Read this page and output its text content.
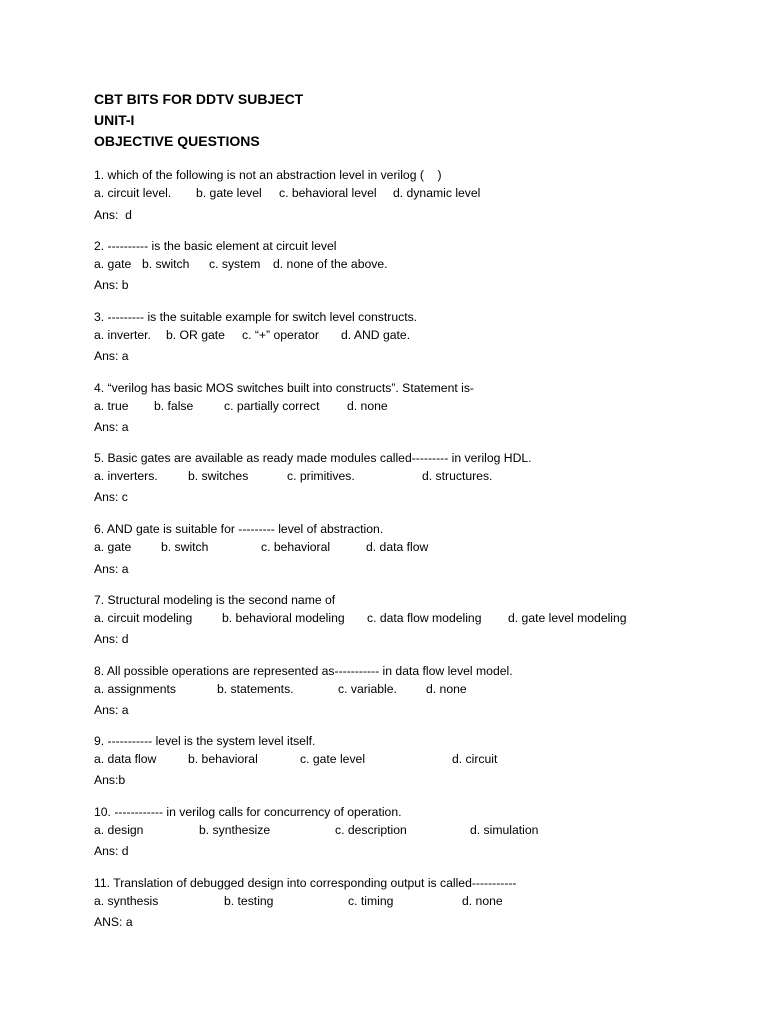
CBT BITS FOR DDTV SUBJECT
UNIT-I
OBJECTIVE QUESTIONS
1. which of the following is not an abstraction level in verilog (    )
a. circuit level. b. gate level c. behavioral level d. dynamic level
Ans:  d
2. ---------- is the basic element at circuit level
a. gate b. switch c. system d. none of the above.
Ans: b
3. --------- is the suitable example for switch level constructs.
a. inverter. b. OR gate c. “+” operator d. AND gate.
Ans: a
4. “verilog has basic MOS switches built into constructs”. Statement is-
a. true b. false	c. partially correct d. none
Ans: a
5. Basic gates are available as ready made modules called--------- in verilog HDL.
a. inverters. b. switches	c. primitives.	d. structures.
Ans: c
6. AND gate is suitable for --------- level of abstraction.
a. gate b. switch	c. behavioral	d. data flow
Ans: a
7. Structural modeling is the second name of
a. circuit modeling b. behavioral modeling c. data flow modeling d. gate level modeling
Ans: d
8. All possible operations are represented as----------- in data flow level model.
a. assignments	b. statements.	c. variable. d. none
Ans: a
9. ----------- level is the system level itself.
a. data flow	b. behavioral	c. gate level	d. circuit
Ans:b
10. ------------ in verilog calls for concurrency of operation.
a. design	b. synthesize	c. description	d. simulation
Ans: d
11. Translation of debugged design into corresponding output is called-----------
a. synthesis	b. testing	c. timing	d. none
ANS: a
